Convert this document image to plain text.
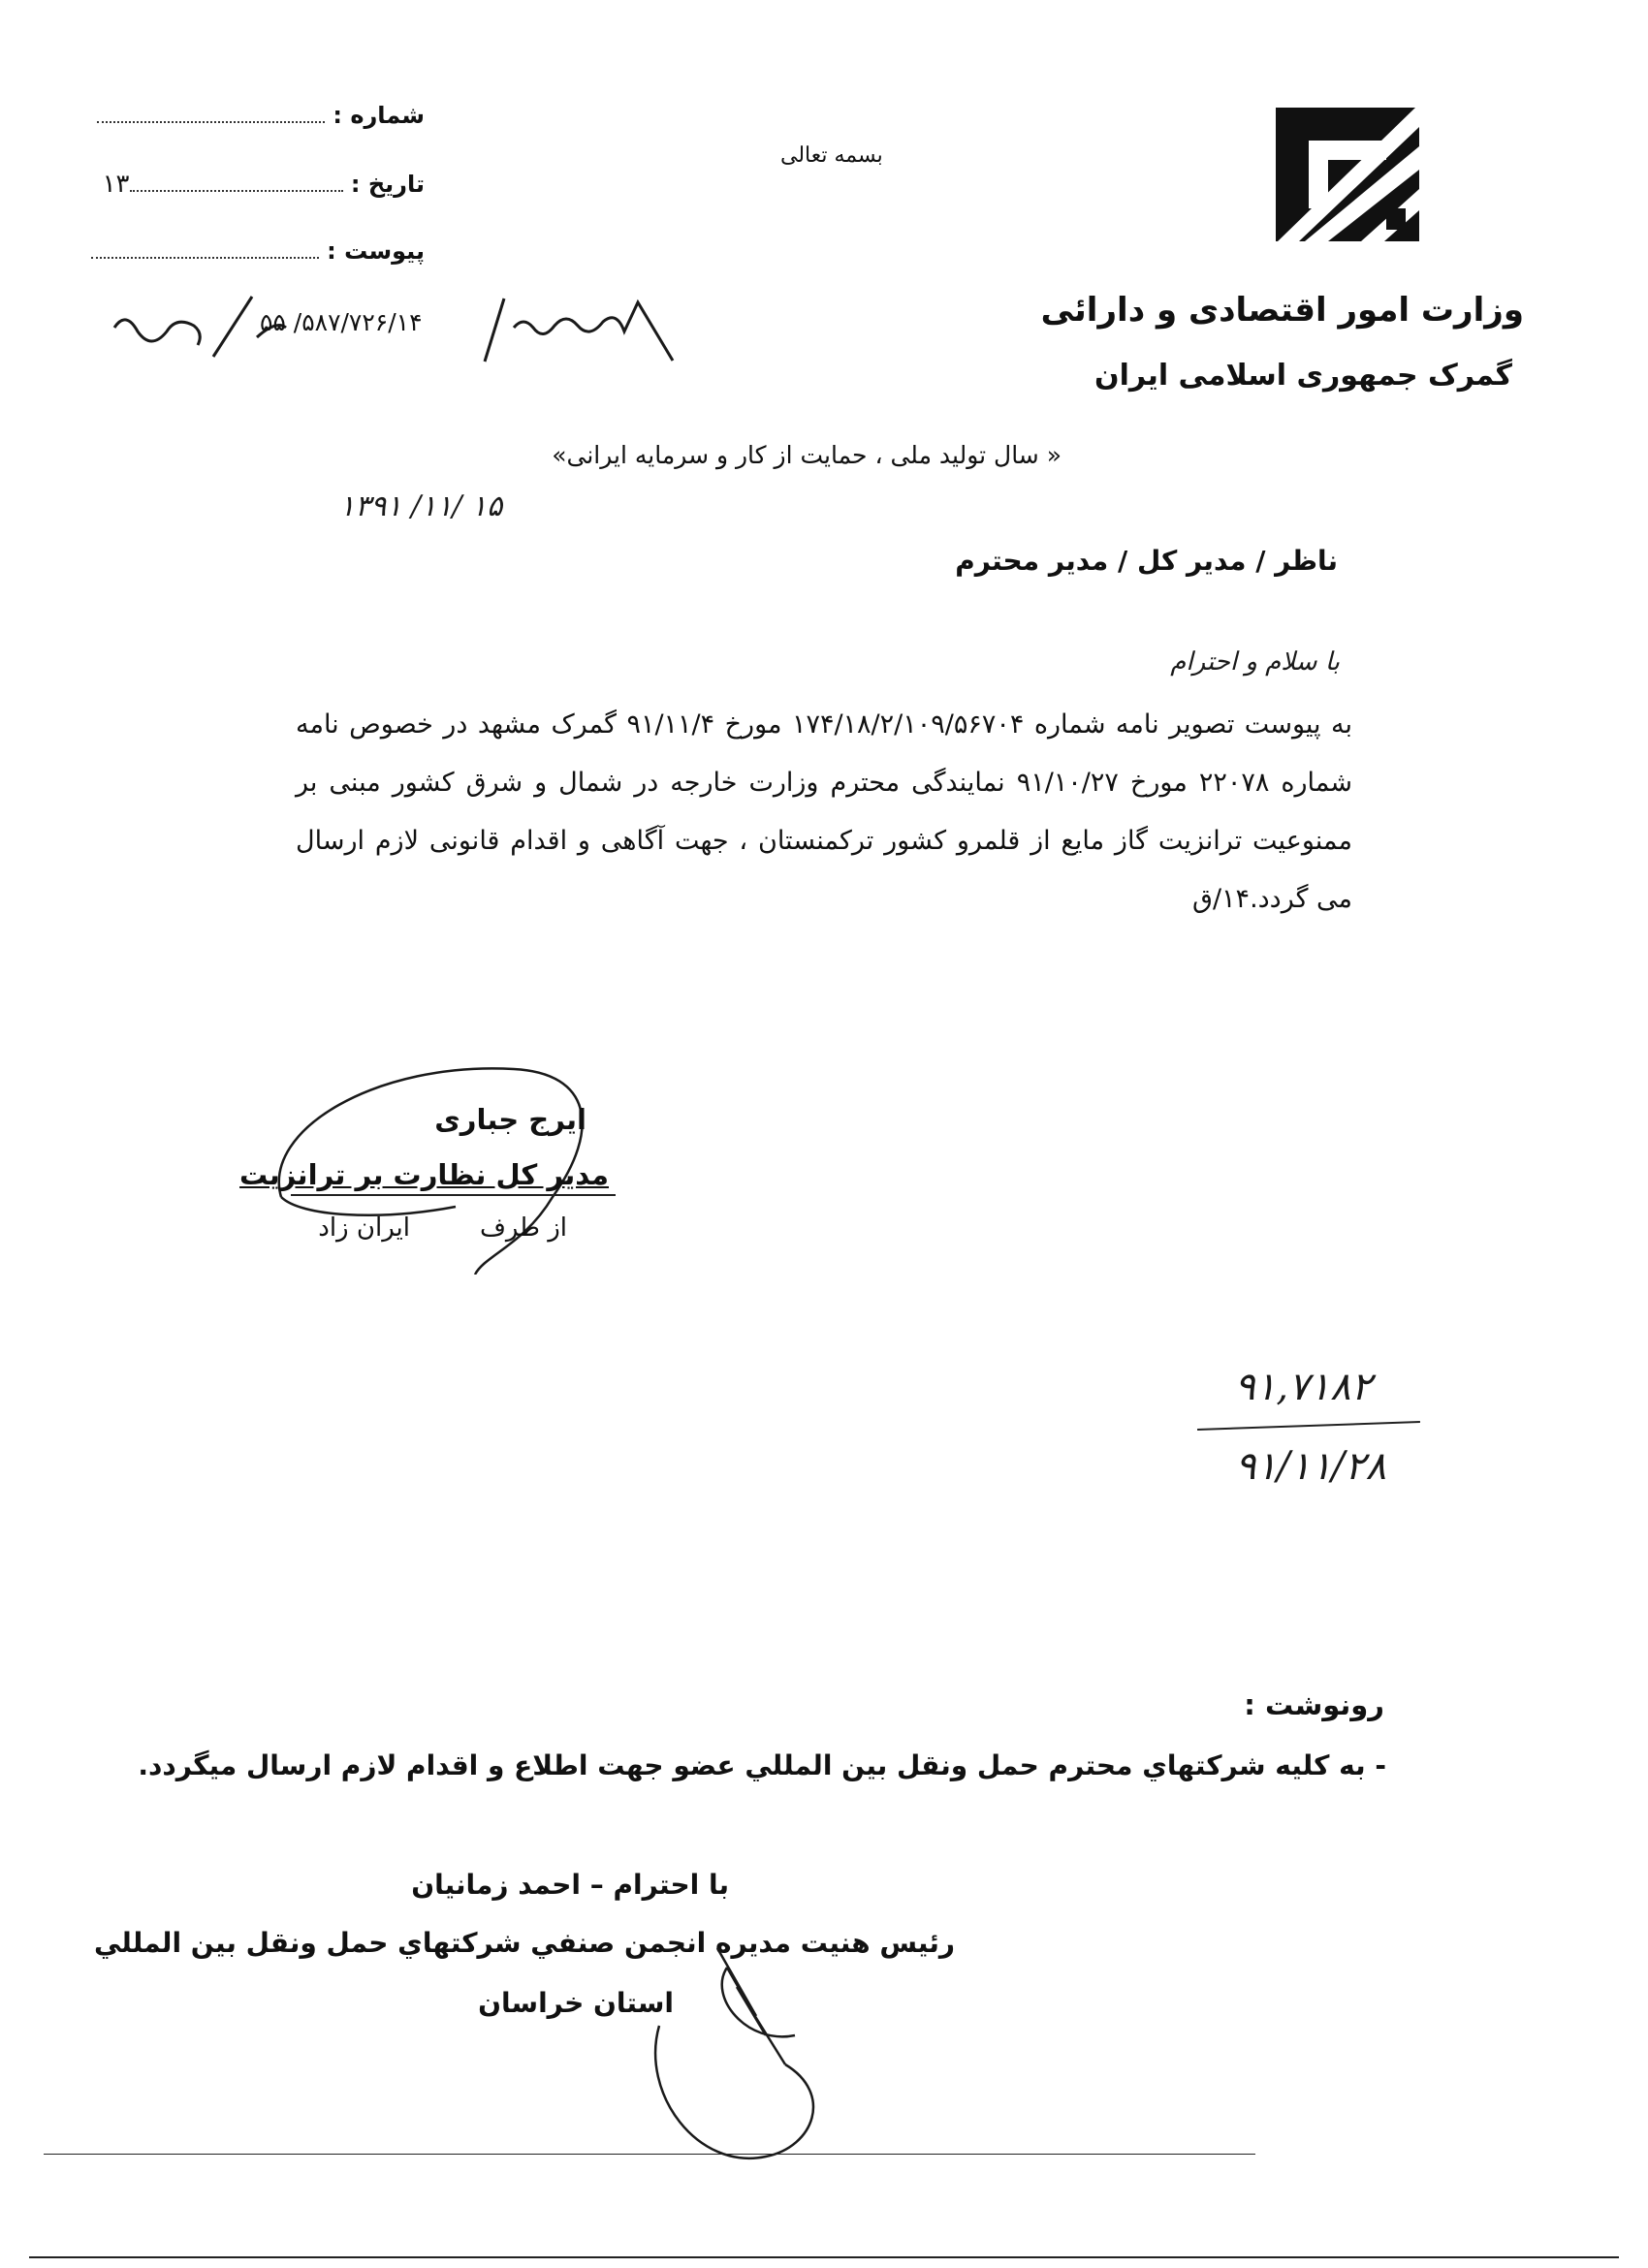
وزارت امور اقتصادی و دارائی
گمرک جمهوری اسلامی ایران
بسمه تعالی
شماره :
تاریخ : ۱۳
پیوست :
۵۵ /۵۸۷/۷۲۶/۱۴
« سال تولید ملی ، حمایت از کار و سرمایه ایرانی»
۱۳۹۱ /۱۱/ ۱۵
ناظر / مدیر کل / مدیر محترم
با سلام و احترام
به پیوست تصویر نامه شماره ۱۷۴/۱۸/۲/۱۰۹/۵۶۷۰۴ مورخ ۹۱/۱۱/۴ گمرک مشهد در خصوص نامه شماره ۲۲۰۷۸ مورخ ۹۱/۱۰/۲۷ نمایندگی محترم وزارت خارجه در شمال و شرق کشور مبنی بر ممنوعیت ترانزیت گاز مایع از قلمرو کشور ترکمنستان ، جهت آگاهی و اقدام قانونی لازم ارسال می گردد.۱۴/ق
ایرج جباری
مدیر کل نظارت بر ترانزیت
از طرف
ایران زاد
۹۱,۷۱۸۲
۹۱/۱۱/۲۸
رونوشت :
- به کلیه شرکتهاي محترم حمل ونقل بین المللي عضو جهت اطلاع و اقدام لازم ارسال میگردد.
با احترام – احمد زمانیان
رئیس هنیت مدیره انجمن صنفي شرکتهاي حمل ونقل بین المللي
استان خراسان
